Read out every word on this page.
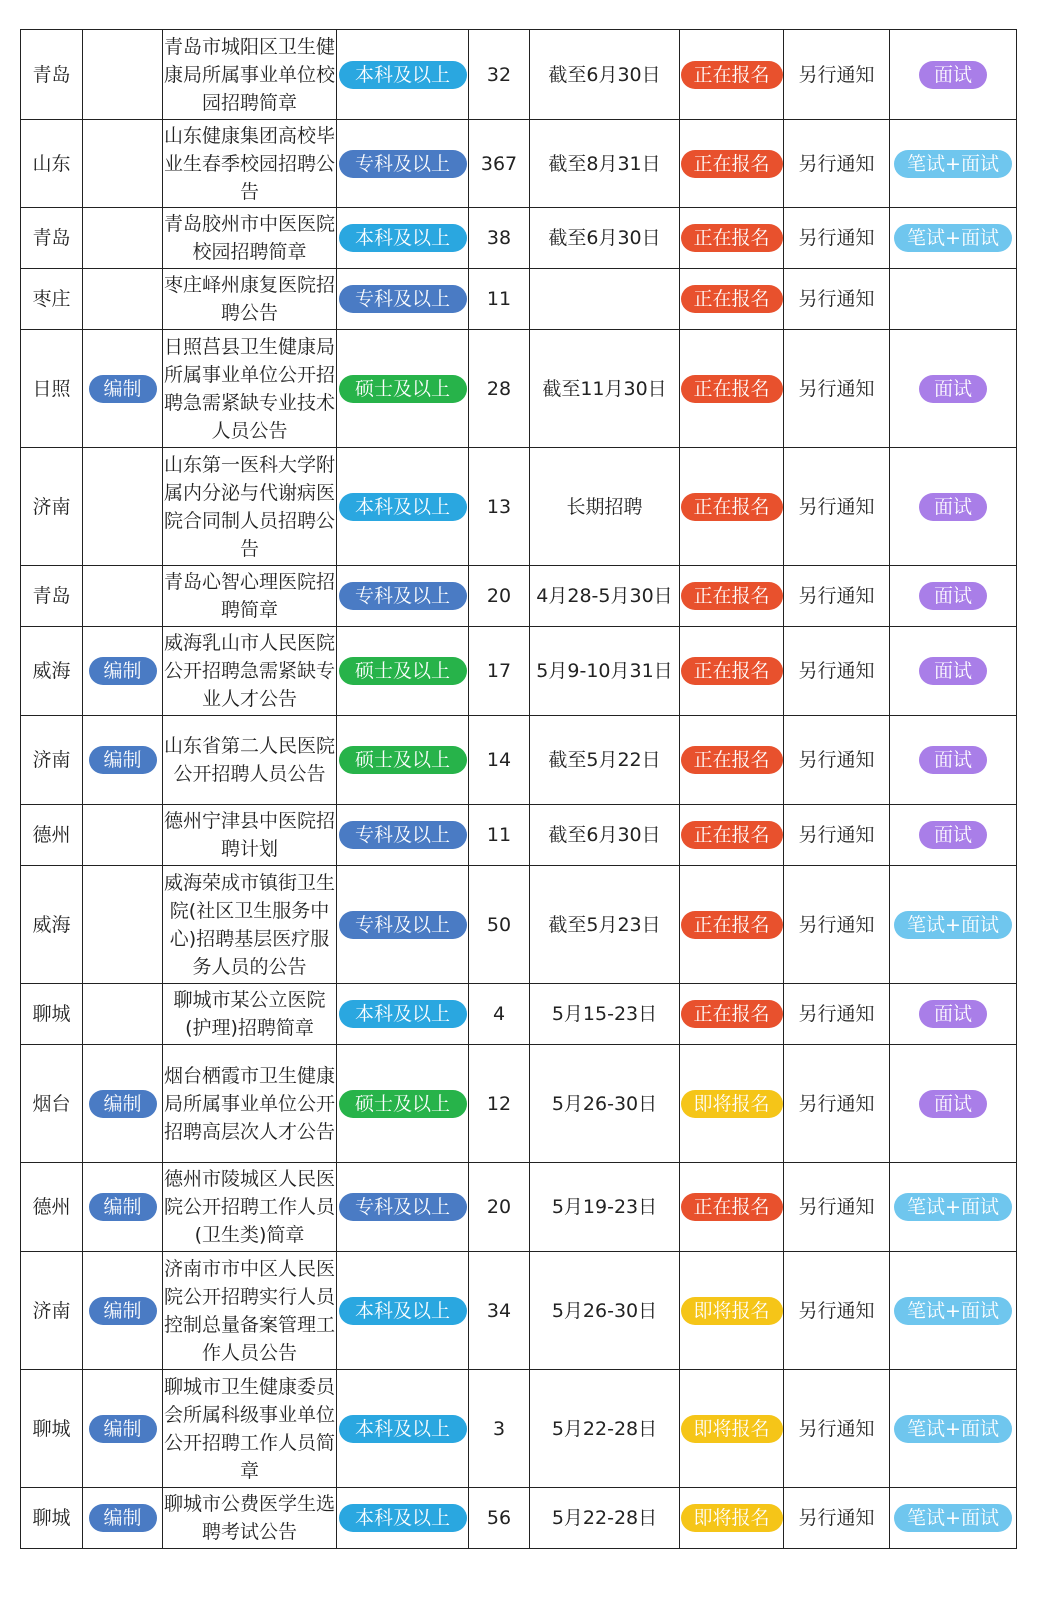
青岛		青岛市城阳区卫生健康局所属事业单位校园招聘简章	本科及以上	32	截至6月30日	正在报名	另行通知	面试
山东		山东健康集团高校毕业生春季校园招聘公告	专科及以上	367	截至8月31日	正在报名	另行通知	笔试+面试
青岛		青岛胶州市中医医院校园招聘简章	本科及以上	38	截至6月30日	正在报名	另行通知	笔试+面试
枣庄		枣庄峄州康复医院招聘公告	专科及以上	11		正在报名	另行通知	
日照	编制	日照莒县卫生健康局所属事业单位公开招聘急需紧缺专业技术人员公告	硕士及以上	28	截至11月30日	正在报名	另行通知	面试
济南		山东第一医科大学附属内分泌与代谢病医院合同制人员招聘公告	本科及以上	13	长期招聘	正在报名	另行通知	面试
青岛		青岛心智心理医院招聘简章	专科及以上	20	4月28-5月30日	正在报名	另行通知	面试
威海	编制	威海乳山市人民医院公开招聘急需紧缺专业人才公告	硕士及以上	17	5月9-10月31日	正在报名	另行通知	面试
济南	编制	山东省第二人民医院公开招聘人员公告	硕士及以上	14	截至5月22日	正在报名	另行通知	面试
德州		德州宁津县中医院招聘计划	专科及以上	11	截至6月30日	正在报名	另行通知	面试
威海		威海荣成市镇街卫生院(社区卫生服务中心)招聘基层医疗服务人员的公告	专科及以上	50	截至5月23日	正在报名	另行通知	笔试+面试
聊城		聊城市某公立医院(护理)招聘简章	本科及以上	4	5月15-23日	正在报名	另行通知	面试
烟台	编制	烟台栖霞市卫生健康局所属事业单位公开招聘高层次人才公告	硕士及以上	12	5月26-30日	即将报名	另行通知	面试
德州	编制	德州市陵城区人民医院公开招聘工作人员(卫生类)简章	专科及以上	20	5月19-23日	正在报名	另行通知	笔试+面试
济南	编制	济南市市中区人民医院公开招聘实行人员控制总量备案管理工作人员公告	本科及以上	34	5月26-30日	即将报名	另行通知	笔试+面试
聊城	编制	聊城市卫生健康委员会所属科级事业单位公开招聘工作人员简章	本科及以上	3	5月22-28日	即将报名	另行通知	笔试+面试
聊城	编制	聊城市公费医学生选聘考试公告	本科及以上	56	5月22-28日	即将报名	另行通知	笔试+面试
